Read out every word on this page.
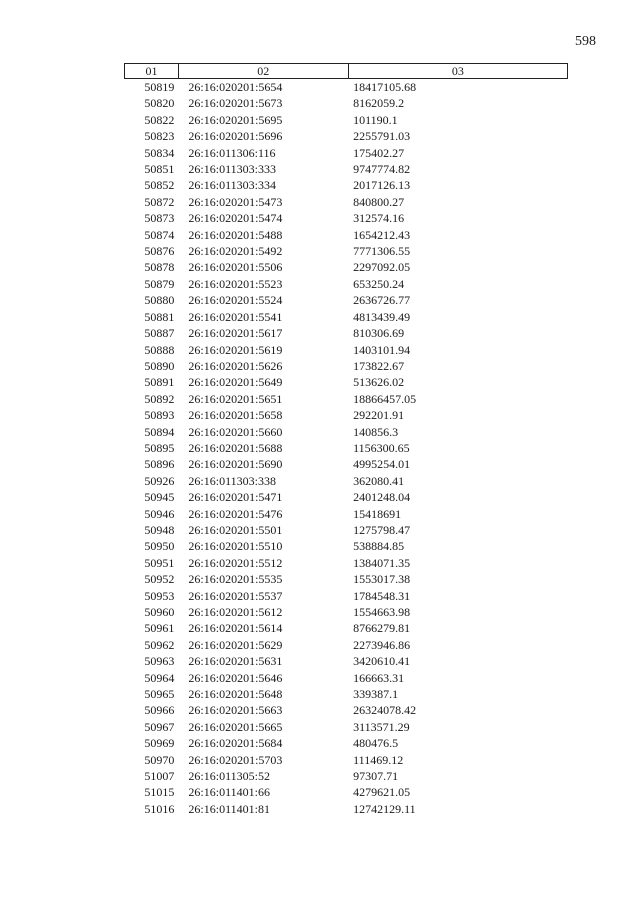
598
01	02	03
50819	26:16:020201:5654	18417105.68
50820	26:16:020201:5673	8162059.2
50822	26:16:020201:5695	101190.1
50823	26:16:020201:5696	2255791.03
50834	26:16:011306:116	175402.27
50851	26:16:011303:333	9747774.82
50852	26:16:011303:334	2017126.13
50872	26:16:020201:5473	840800.27
50873	26:16:020201:5474	312574.16
50874	26:16:020201:5488	1654212.43
50876	26:16:020201:5492	7771306.55
50878	26:16:020201:5506	2297092.05
50879	26:16:020201:5523	653250.24
50880	26:16:020201:5524	2636726.77
50881	26:16:020201:5541	4813439.49
50887	26:16:020201:5617	810306.69
50888	26:16:020201:5619	1403101.94
50890	26:16:020201:5626	173822.67
50891	26:16:020201:5649	513626.02
50892	26:16:020201:5651	18866457.05
50893	26:16:020201:5658	292201.91
50894	26:16:020201:5660	140856.3
50895	26:16:020201:5688	1156300.65
50896	26:16:020201:5690	4995254.01
50926	26:16:011303:338	362080.41
50945	26:16:020201:5471	2401248.04
50946	26:16:020201:5476	15418691
50948	26:16:020201:5501	1275798.47
50950	26:16:020201:5510	538884.85
50951	26:16:020201:5512	1384071.35
50952	26:16:020201:5535	1553017.38
50953	26:16:020201:5537	1784548.31
50960	26:16:020201:5612	1554663.98
50961	26:16:020201:5614	8766279.81
50962	26:16:020201:5629	2273946.86
50963	26:16:020201:5631	3420610.41
50964	26:16:020201:5646	166663.31
50965	26:16:020201:5648	339387.1
50966	26:16:020201:5663	26324078.42
50967	26:16:020201:5665	3113571.29
50969	26:16:020201:5684	480476.5
50970	26:16:020201:5703	111469.12
51007	26:16:011305:52	97307.71
51015	26:16:011401:66	4279621.05
51016	26:16:011401:81	12742129.11
